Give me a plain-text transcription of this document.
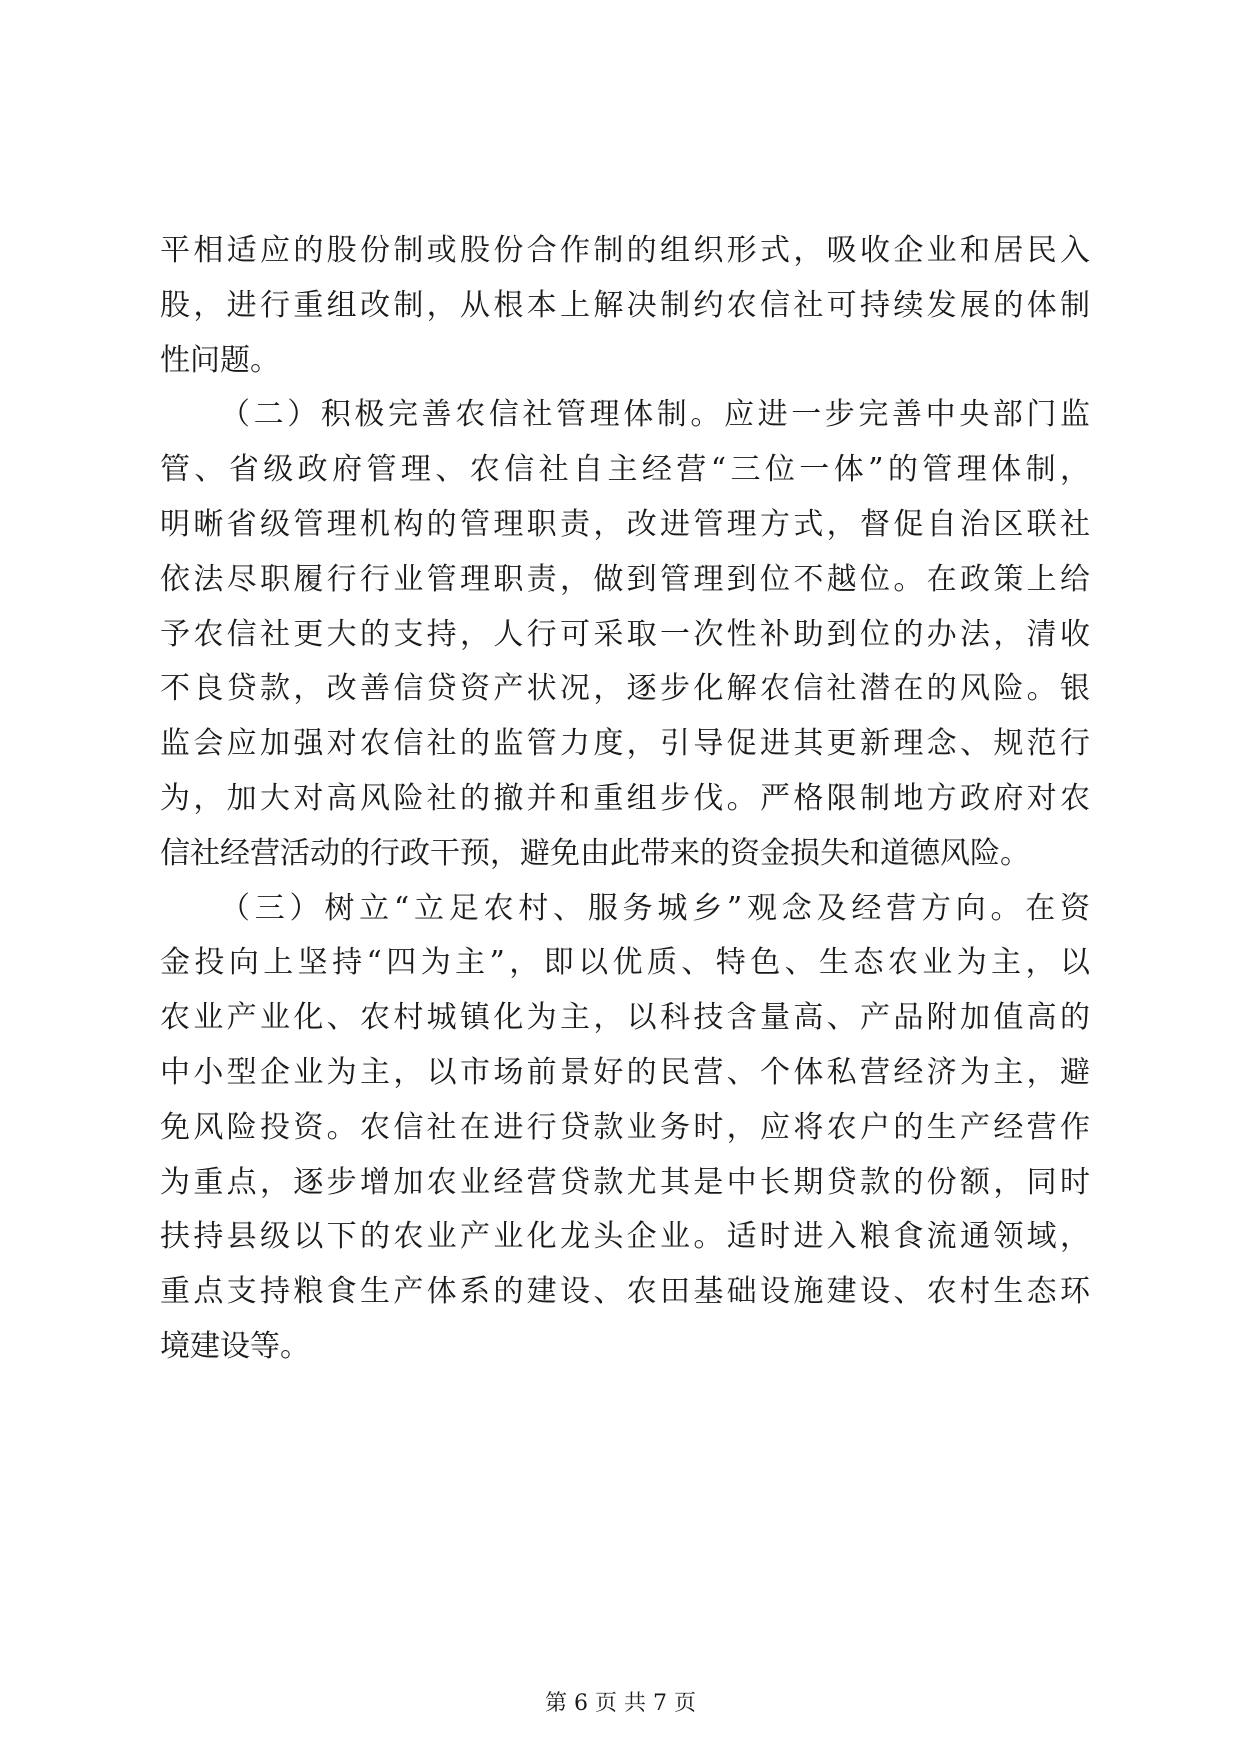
平相适应的股份制或股份合作制的组织形式，吸收企业和居民入
股，进行重组改制，从根本上解决制约农信社可持续发展的体制
性问题。
（二）积极完善农信社管理体制。应进一步完善中央部门监
管、省级政府管理、农信社自主经营“三位一体”的管理体制，
明晰省级管理机构的管理职责，改进管理方式，督促自治区联社
依法尽职履行行业管理职责，做到管理到位不越位。在政策上给
予农信社更大的支持，人行可采取一次性补助到位的办法，清收
不良贷款，改善信贷资产状况，逐步化解农信社潜在的风险。银
监会应加强对农信社的监管力度，引导促进其更新理念、规范行
为，加大对高风险社的撤并和重组步伐。严格限制地方政府对农
信社经营活动的行政干预，避免由此带来的资金损失和道德风险。
（三）树立“立足农村、服务城乡”观念及经营方向。在资
金投向上坚持“四为主”，即以优质、特色、生态农业为主，以
农业产业化、农村城镇化为主，以科技含量高、产品附加值高的
中小型企业为主，以市场前景好的民营、个体私营经济为主，避
免风险投资。农信社在进行贷款业务时，应将农户的生产经营作
为重点，逐步增加农业经营贷款尤其是中长期贷款的份额，同时
扶持县级以下的农业产业化龙头企业。适时进入粮食流通领域，
重点支持粮食生产体系的建设、农田基础设施建设、农村生态环
境建设等。
第 6 页 共 7 页
